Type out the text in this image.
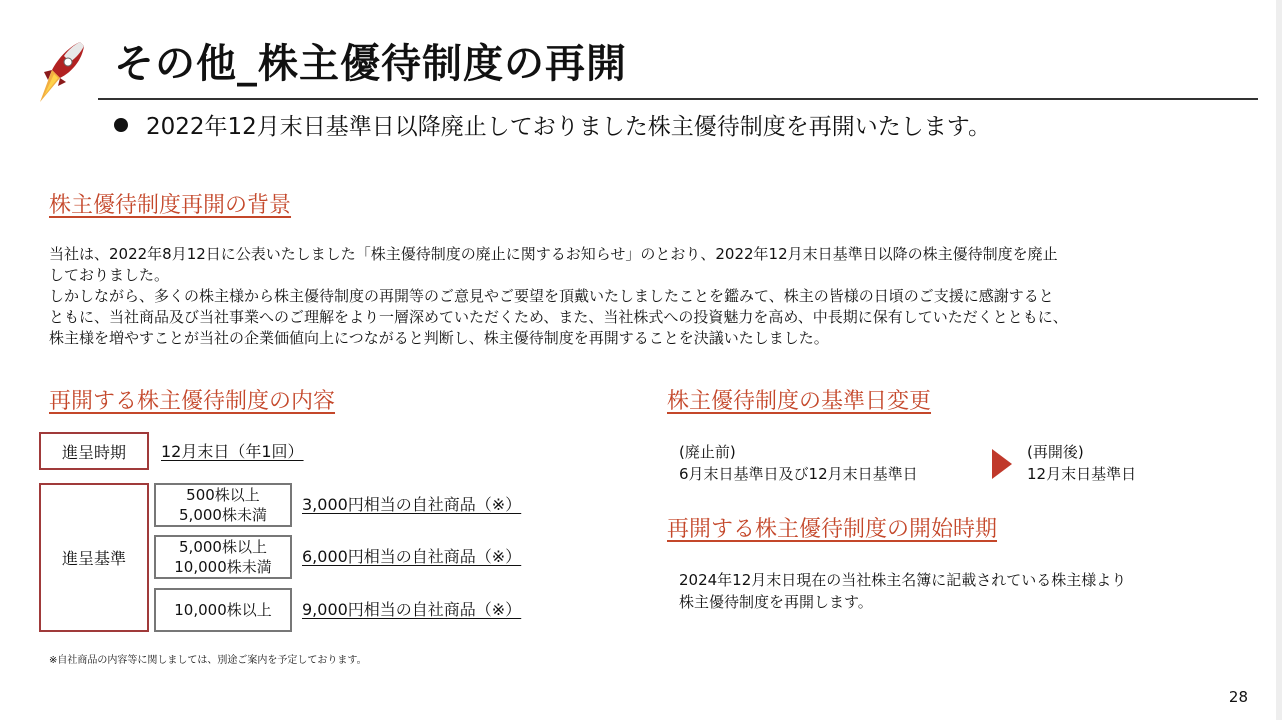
その他_株主優待制度の再開
2022年12月末日基準日以降廃止しておりました株主優待制度を再開いたします。
株主優待制度再開の背景

当社は、2022年8月12日に公表いたしました「株主優待制度の廃止に関するお知らせ」のとおり、2022年12月末日基準日以降の株主優待制度を廃止

しておりました。

しかしながら、多くの株主様から株主優待制度の再開等のご意見やご要望を頂戴いたしましたことを鑑みて、株主の皆様の日頃のご支援に感謝すると

ともに、当社商品及び当社事業へのご理解をより一層深めていただくため、また、当社株式への投資魅力を高め、中長期に保有していただくとともに、

株主様を増やすことが当社の企業価値向上につながると判断し、株主優待制度を再開することを決議いたしました。

再開する株主優待制度の内容
進呈時期 12月末日（年1回）
進呈基準
500株以上
5,000株未満
3,000円相当の自社商品（※）
5,000株以上
10,000株未満
6,000円相当の自社商品（※）
10,000株以上 9,000円相当の自社商品（※）
※自社商品の内容等に関しましては、別途ご案内を予定しております。
株主優待制度の基準日変更
(廃止前)
6月末日基準日及び12月末日基準日
(再開後)
12月末日基準日
再開する株主優待制度の開始時期
2024年12月末日現在の当社株主名簿に記載されている株主様より
株主優待制度を再開します。
28
